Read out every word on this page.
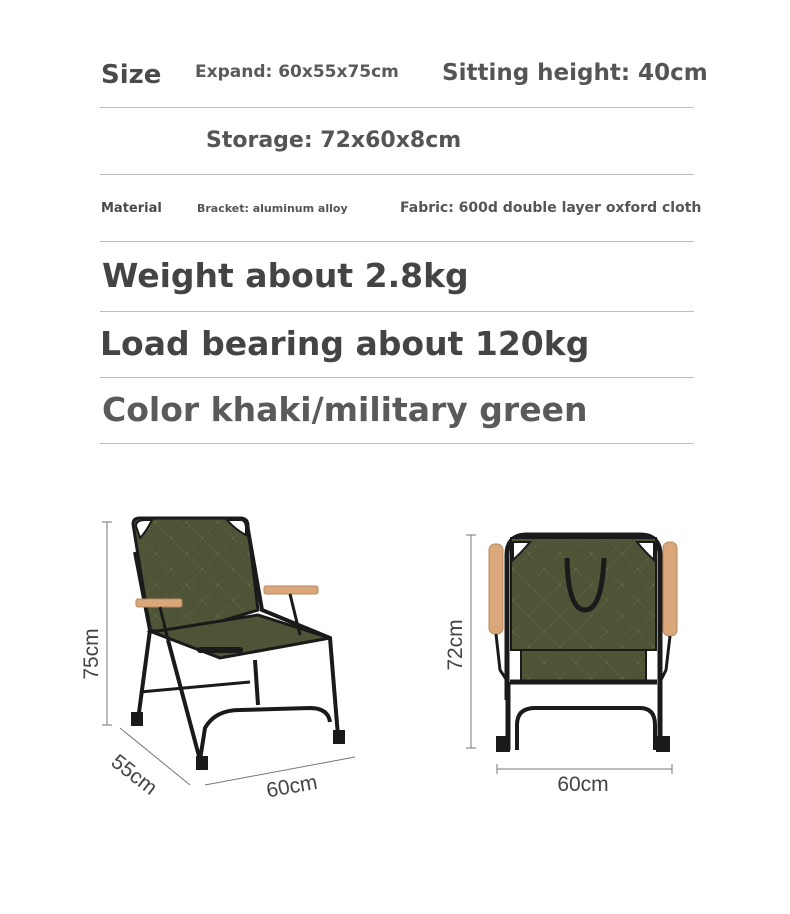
Size Expand: 60x55x75cm Sitting height: 40cm
Storage: 72x60x8cm
Material	Bracket: aluminum alloy	Fabric: 600d double layer oxford cloth
Weight about 2.8kg
Load bearing about 120kg
Color khaki/military green
75cm
55cm	60cm
72cm
60cm
